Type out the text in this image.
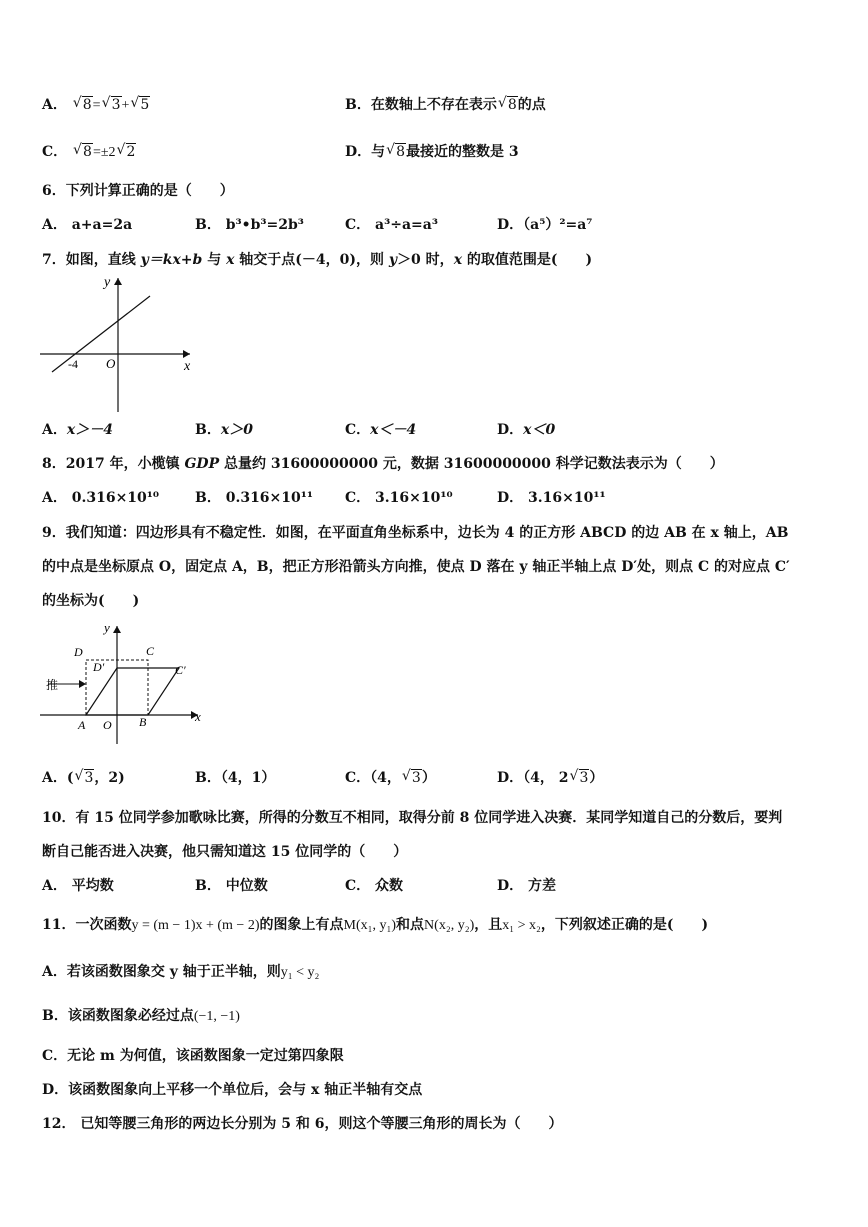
A． √ 8= √ 3+ √ 5	B．在数轴上不存在表示 √ 8的点
C． √ 8=±2 √ 2	D．与 √ 8最接近的整数是 3
6．下列计算正确的是（　　）
A． a+a=2a	B． b³•b³=2b³	C． a³÷a=a³	D．（a⁵）²=a⁷
7．如图，直线 y＝kx+b 与 x 轴交于点(－4，0)，则 y＞0 时，x 的取值范围是(　　)
y
x
O
-4
A．x＞－4	B．x＞0	C．x＜－4	D．x＜0
8．2017 年，小榄镇 GDP 总量约 31600000000 元，数据 31600000000 科学记数法表示为（　　）
A． 0.316×10¹⁰	B． 0.316×10¹¹ C． 3.16×10¹⁰	D． 3.16×10¹¹
9．我们知道：四边形具有不稳定性．如图，在平面直角坐标系中，边长为 4 的正方形 ABCD 的边 AB 在 x 轴上，AB
的中点是坐标原点 O，固定点 A，B，把正方形沿箭头方向推，使点 D 落在 y 轴正半轴上点 D′处，则点 C 的对应点 C′
的坐标为(　　)
y
x
O
A	B
C
D
D′	C′
推
A．( √ 3，2)	B．（4，1）	C．（4， √ 3）	D．（4， 2 √ 3）
10．有 15 位同学参加歌咏比赛，所得的分数互不相同，取得分前 8 位同学进入决赛．某同学知道自己的分数后，要判
断自己能否进入决赛，他只需知道这 15 位同学的（　　）
A． 平均数	B． 中位数	C． 众数	D． 方差
11．一次函数y = (m − 1)x + (m − 2)的图象上有点M(x₁, y₁)和点N(x₂, y₂)，且x₁ > x₂，下列叙述正确的是(　　)
A．若该函数图象交 y 轴于正半轴，则y₁ < y₂
B．该函数图象必经过点(−1, −1)
C．无论 m 为何值，该函数图象一定过第四象限
D．该函数图象向上平移一个单位后，会与 x 轴正半轴有交点
12． 已知等腰三角形的两边长分别为 5 和 6，则这个等腰三角形的周长为（　　）
